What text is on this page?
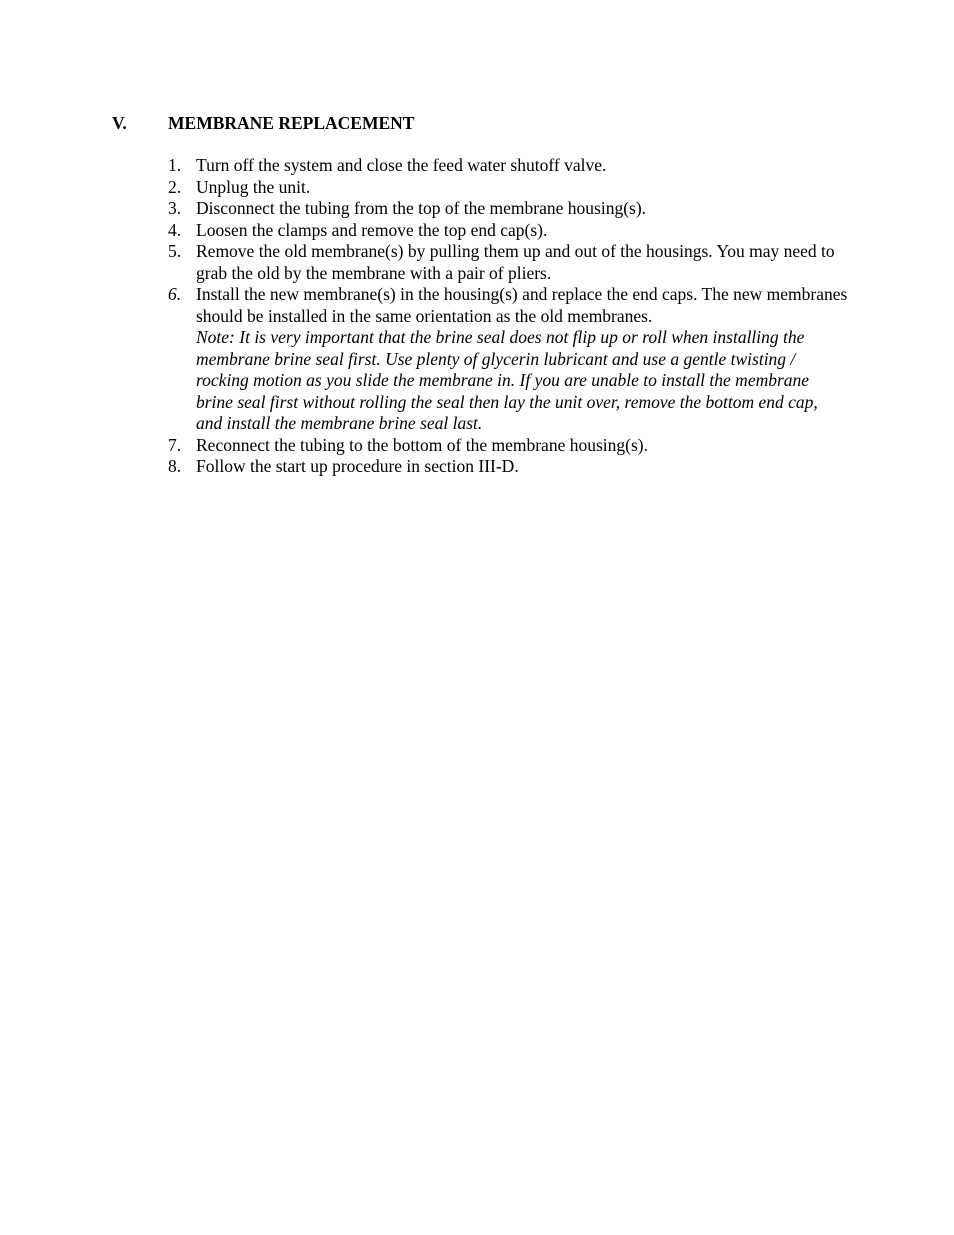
V. MEMBRANE REPLACEMENT
1. Turn off the system and close the feed water shutoff valve.
2. Unplug the unit.
3. Disconnect the tubing from the top of the membrane housing(s).
4. Loosen the clamps and remove the top end cap(s).
5. Remove the old membrane(s) by pulling them up and out of the housings. You may need to grab the old by the membrane with a pair of pliers.
6. Install the new membrane(s) in the housing(s) and replace the end caps. The new membranes should be installed in the same orientation as the old membranes.
Note: It is very important that the brine seal does not flip up or roll when installing the membrane brine seal first. Use plenty of glycerin lubricant and use a gentle twisting / rocking motion as you slide the membrane in. If you are unable to install the membrane brine seal first without rolling the seal then lay the unit over, remove the bottom end cap, and install the membrane brine seal last.
7. Reconnect the tubing to the bottom of the membrane housing(s).
8. Follow the start up procedure in section III-D.
